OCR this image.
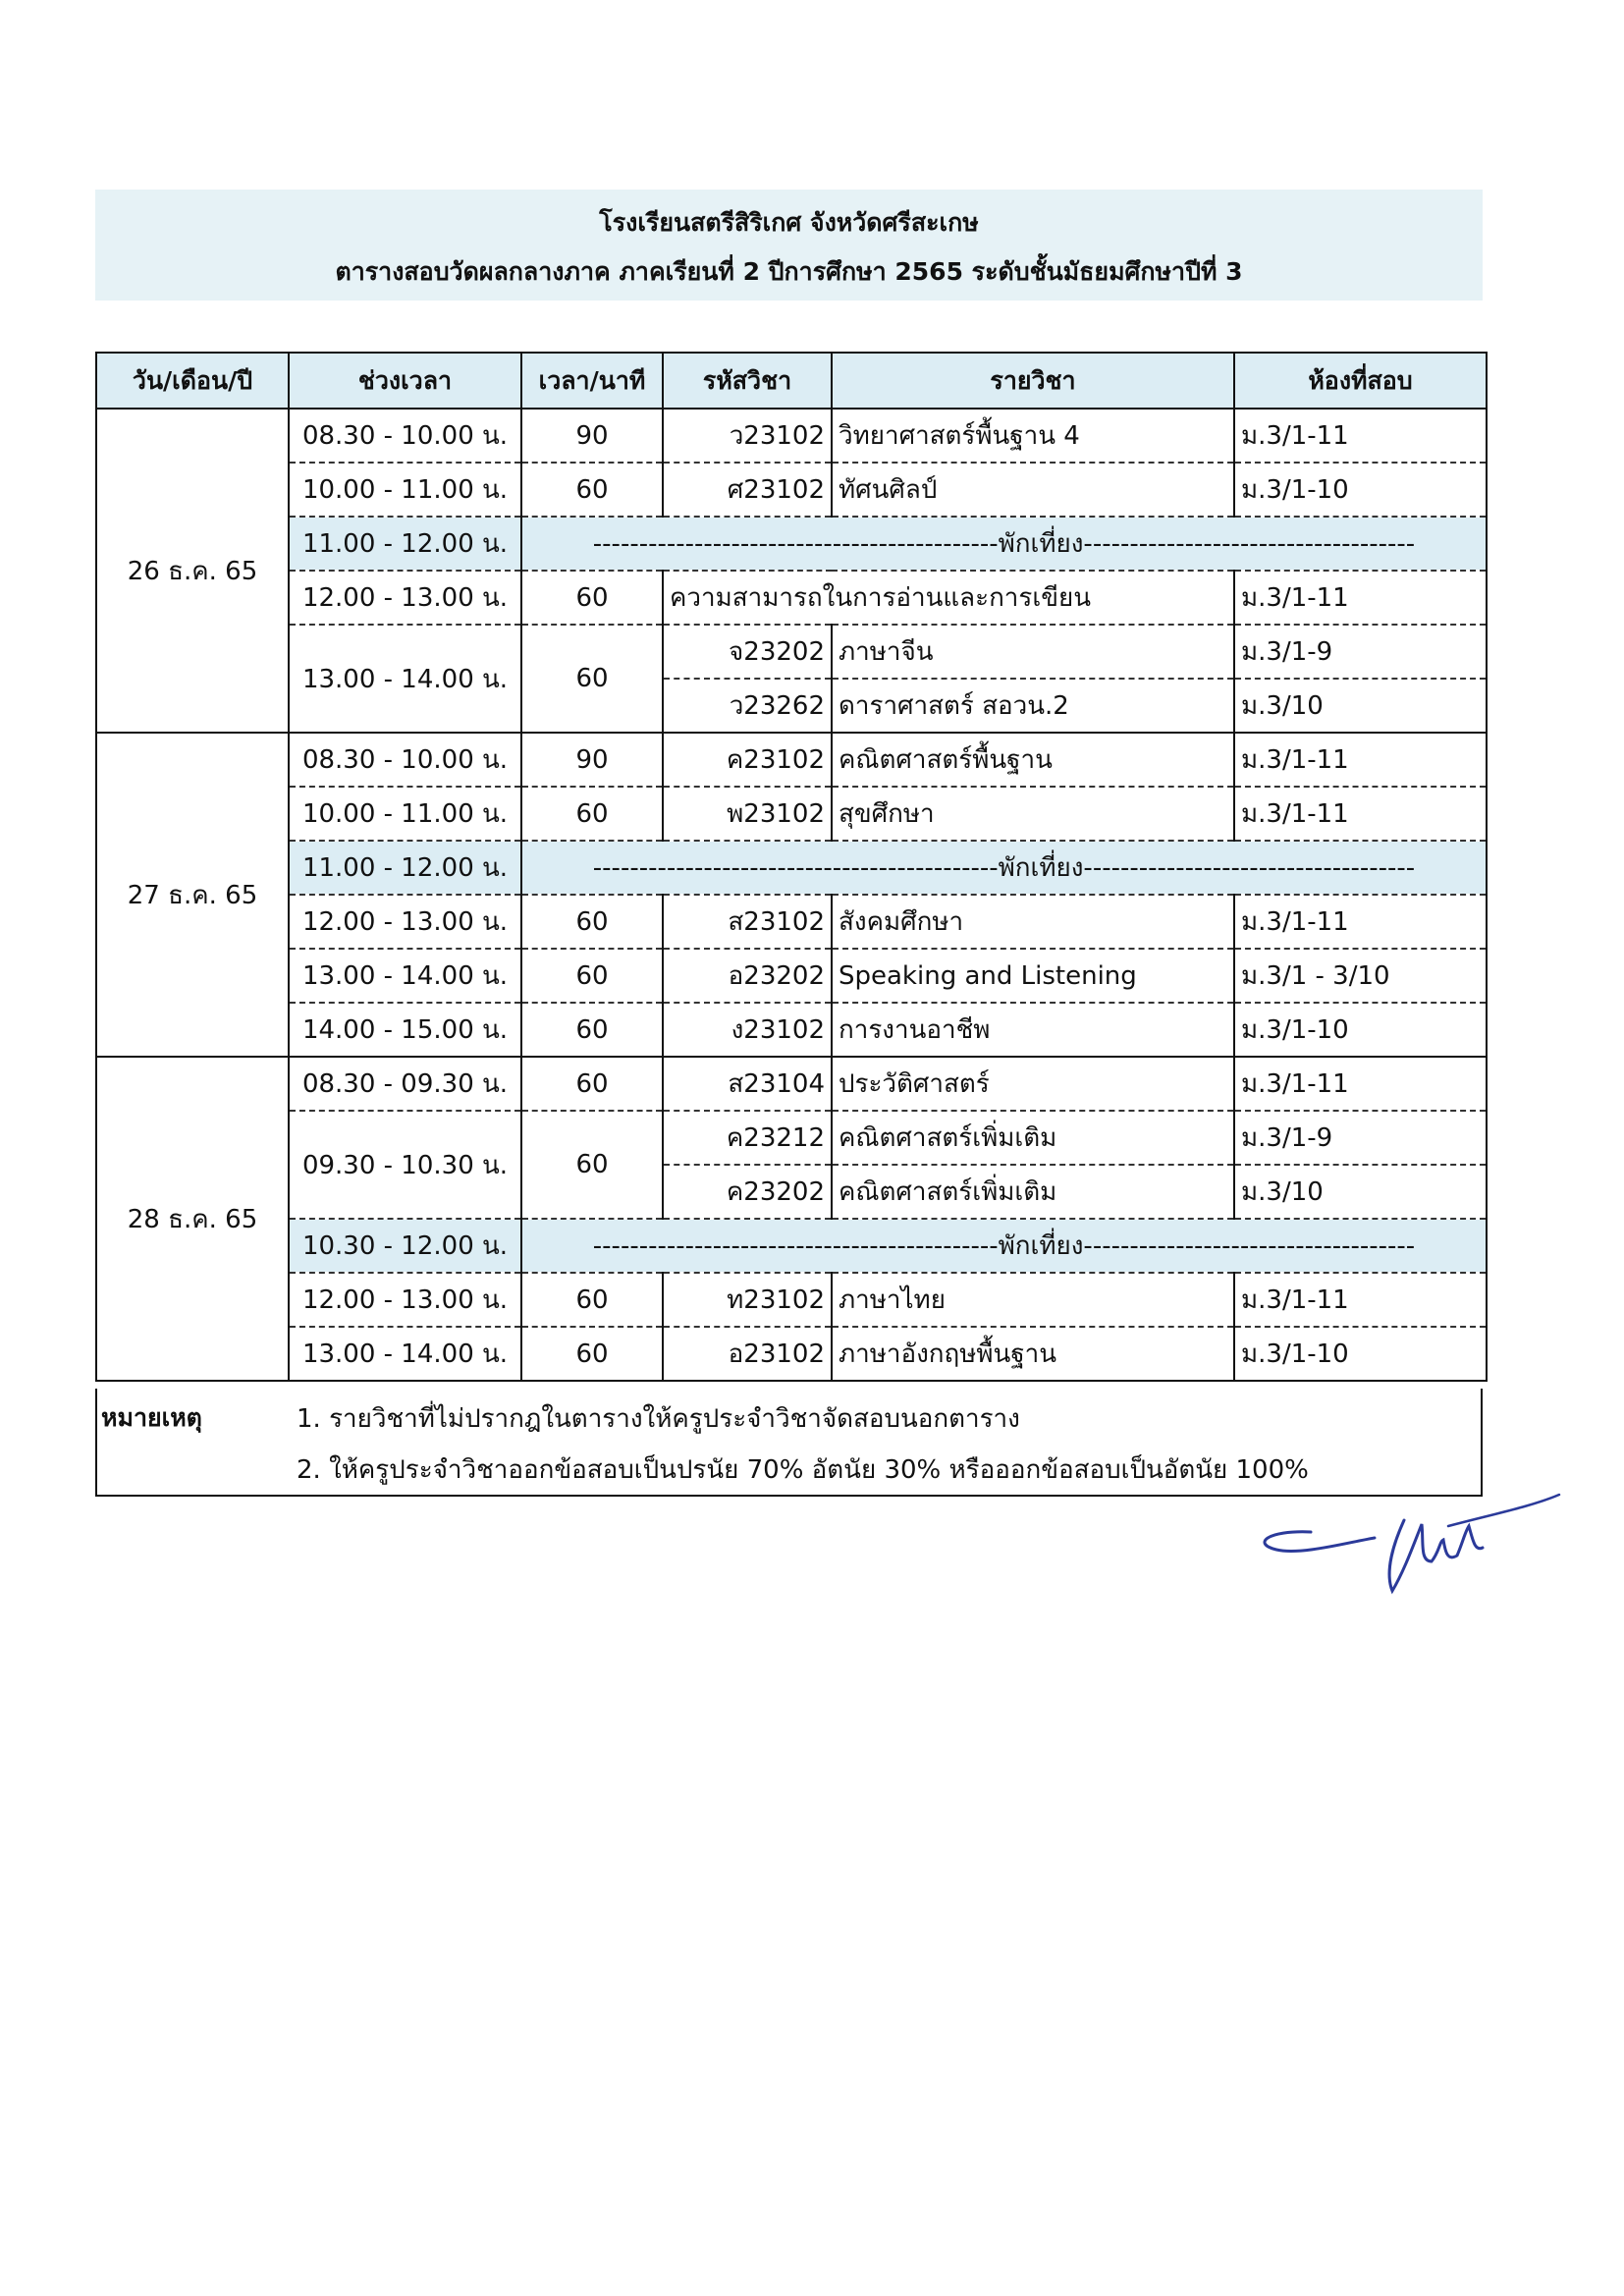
โรงเรียนสตรีสิริเกศ จังหวัดศรีสะเกษ
ตารางสอบวัดผลกลางภาค ภาคเรียนที่ 2 ปีการศึกษา 2565 ระดับชั้นมัธยมศึกษาปีที่ 3
วัน/เดือน/ปี	ช่วงเวลา	เวลา/นาที	รหัสวิชา	รายวิชา	ห้องที่สอบ
26 ธ.ค. 65	08.30 - 10.00 น.	90	ว23102	วิทยาศาสตร์พื้นฐาน 4	ม.3/1-11
	10.00 - 11.00 น.	60	ศ23102	ทัศนศิลป์	ม.3/1-10
	11.00 - 12.00 น.	--------------------------------------------พักเที่ยง------------------------------------			
	12.00 - 13.00 น.	60	ความสามารถในการอ่านและการเขียน		ม.3/1-11
	13.00 - 14.00 น.	60	จ23202	ภาษาจีน	ม.3/1-9
			ว23262	ดาราศาสตร์ สอวน.2	ม.3/10
27 ธ.ค. 65	08.30 - 10.00 น.	90	ค23102	คณิตศาสตร์พื้นฐาน	ม.3/1-11
	10.00 - 11.00 น.	60	พ23102	สุขศึกษา	ม.3/1-11
	11.00 - 12.00 น.	--------------------------------------------พักเที่ยง------------------------------------			
	12.00 - 13.00 น.	60	ส23102	สังคมศึกษา	ม.3/1-11
	13.00 - 14.00 น.	60	อ23202	Speaking and Listening	ม.3/1 - 3/10
	14.00 - 15.00 น.	60	ง23102	การงานอาชีพ	ม.3/1-10
28 ธ.ค. 65	08.30 - 09.30 น.	60	ส23104	ประวัติศาสตร์	ม.3/1-11
	09.30 - 10.30 น.	60	ค23212	คณิตศาสตร์เพิ่มเติม	ม.3/1-9
			ค23202	คณิตศาสตร์เพิ่มเติม	ม.3/10
	10.30 - 12.00 น.	--------------------------------------------พักเที่ยง------------------------------------			
	12.00 - 13.00 น.	60	ท23102	ภาษาไทย	ม.3/1-11
	13.00 - 14.00 น.	60	อ23102	ภาษาอังกฤษพื้นฐาน	ม.3/1-10
หมายเหตุ	1. รายวิชาที่ไม่ปรากฎในตารางให้ครูประจำวิชาจัดสอบนอกตาราง
2. ให้ครูประจำวิชาออกข้อสอบเป็นปรนัย 70% อัตนัย 30% หรือออกข้อสอบเป็นอัตนัย 100%
